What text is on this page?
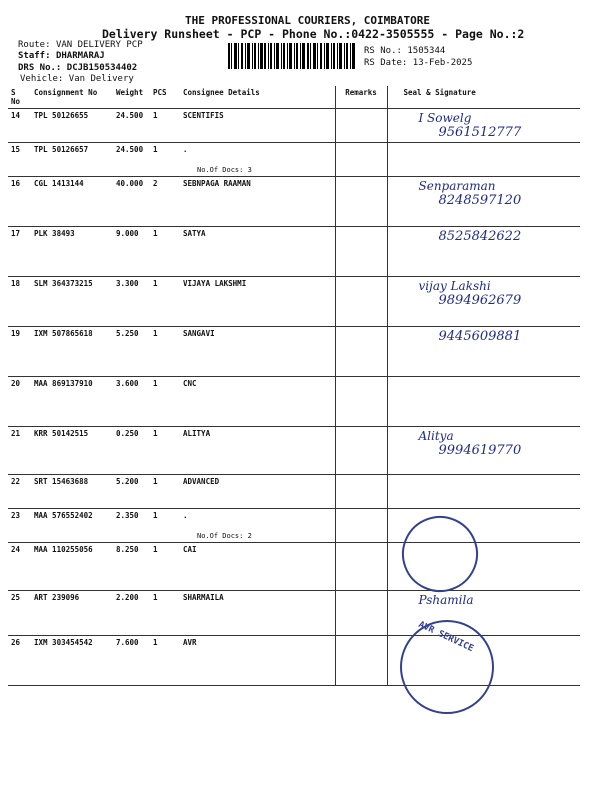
THE PROFESSIONAL COURIERS, COIMBATORE
Delivery Runsheet - PCP - Phone No.:0422-3505555 - Page No.:2
Route: VAN DELIVERY PCP
Staff: DHARMARAJ
DRS No.: DCJB150534402
Vehicle: Van Delivery
RS No.: 1505344
RS Date: 13-Feb-2025
S No	Consignment No	Weight	PCS	Consignee Details	Remarks	Seal & Signature
14	TPL 50126655	24.500	1	SCENTIFIS		I Sowelg
9561512777

15	TPL 50126657	24.500	1	.
No.Of Docs: 3		

16	CGL 1413144	40.000	2	SEBNPAGA RAAMAN		Senparaman
8248597120

17	PLK 38493	9.000	1	SATYA		8525842622

18	SLM 364373215	3.300	1	VIJAYA LAKSHMI		vijay Lakshi
9894962679

19	IXM 507865618	5.250	1	SANGAVI		9445609881

20	MAA 869137910	3.600	1	CNC

21	KRR 50142515	0.250	1	ALITYA		Alitya
9994619770

22	SRT 15463688	5.200	1	ADVANCED

23	MAA 576552402	2.350	1	.
No.Of Docs: 2		

24	MAA 110255056	8.250	1	CAI

25	ART 239096	2.200	1	SHARMAILA		Pshamila

26	IXM 303454542	7.600	1	AVR
			AVR SERVICE
